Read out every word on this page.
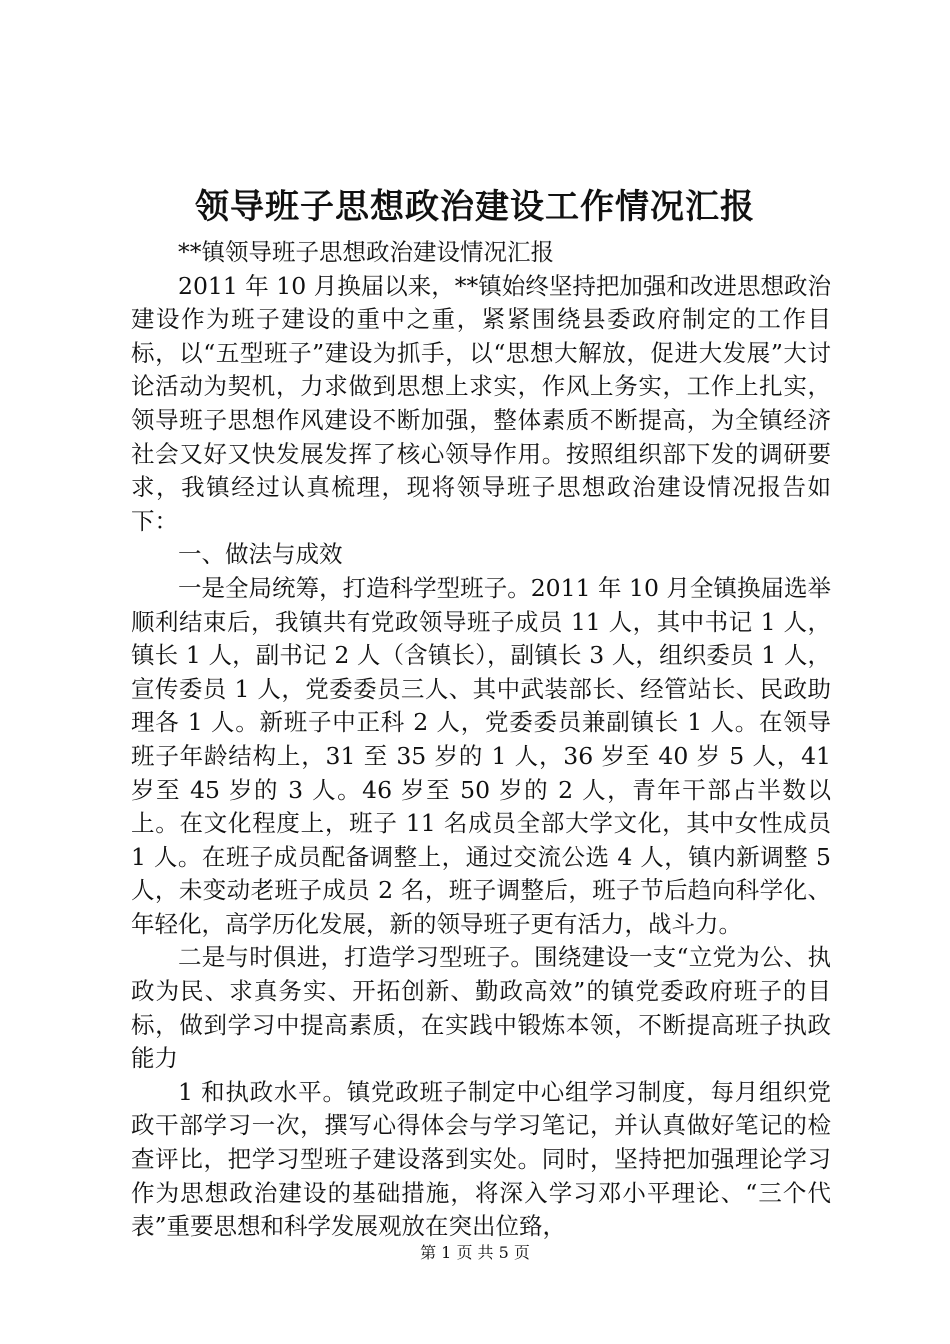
领导班子思想政治建设工作情况汇报

**镇领导班子思想政治建设情况汇报

2011 年 10 月换届以来，**镇始终坚持把加强和改进思想政治建设作为班子建设的重中之重，紧紧围绕县委政府制定的工作目标，以“五型班子”建设为抓手，以“思想大解放，促进大发展”大讨论活动为契机，力求做到思想上求实，作风上务实，工作上扎实，领导班子思想作风建设不断加强，整体素质不断提高，为全镇经济社会又好又快发展发挥了核心领导作用。按照组织部下发的调研要求，我镇经过认真梳理，现将领导班子思想政治建设情况报告如下：

一、做法与成效

一是全局统筹，打造科学型班子。2011 年 10 月全镇换届选举顺利结束后，我镇共有党政领导班子成员 11 人，其中书记 1 人，镇长 1 人，副书记 2 人（含镇长），副镇长 3 人，组织委员 1 人，宣传委员 1 人，党委委员三人、其中武装部长、经管站长、民政助理各 1 人。新班子中正科 2 人，党委委员兼副镇长 1 人。在领导班子年龄结构上，31 至 35 岁的 1 人，36 岁至 40 岁 5 人，41 岁至 45 岁的 3 人。46 岁至 50 岁的 2 人，青年干部占半数以上。在文化程度上，班子 11 名成员全部大学文化，其中女性成员 1 人。在班子成员配备调整上，通过交流公选 4 人，镇内新调整 5 人，未变动老班子成员 2 名，班子调整后，班子节后趋向科学化、年轻化，高学历化发展，新的领导班子更有活力，战斗力。

二是与时俱进，打造学习型班子。围绕建设一支“立党为公、执政为民、求真务实、开拓创新、勤政高效”的镇党委政府班子的目标，做到学习中提高素质，在实践中锻炼本领，不断提高班子执政能力

1 和执政水平。镇党政班子制定中心组学习制度，每月组织党政干部学习一次，撰写心得体会与学习笔记，并认真做好笔记的检查评比，把学习型班子建设落到实处。同时，坚持把加强理论学习作为思想政治建设的基础措施，将深入学习邓小平理论、“三个代表”重要思想和科学发展观放在突出位臵，

第 1 页 共 5 页
